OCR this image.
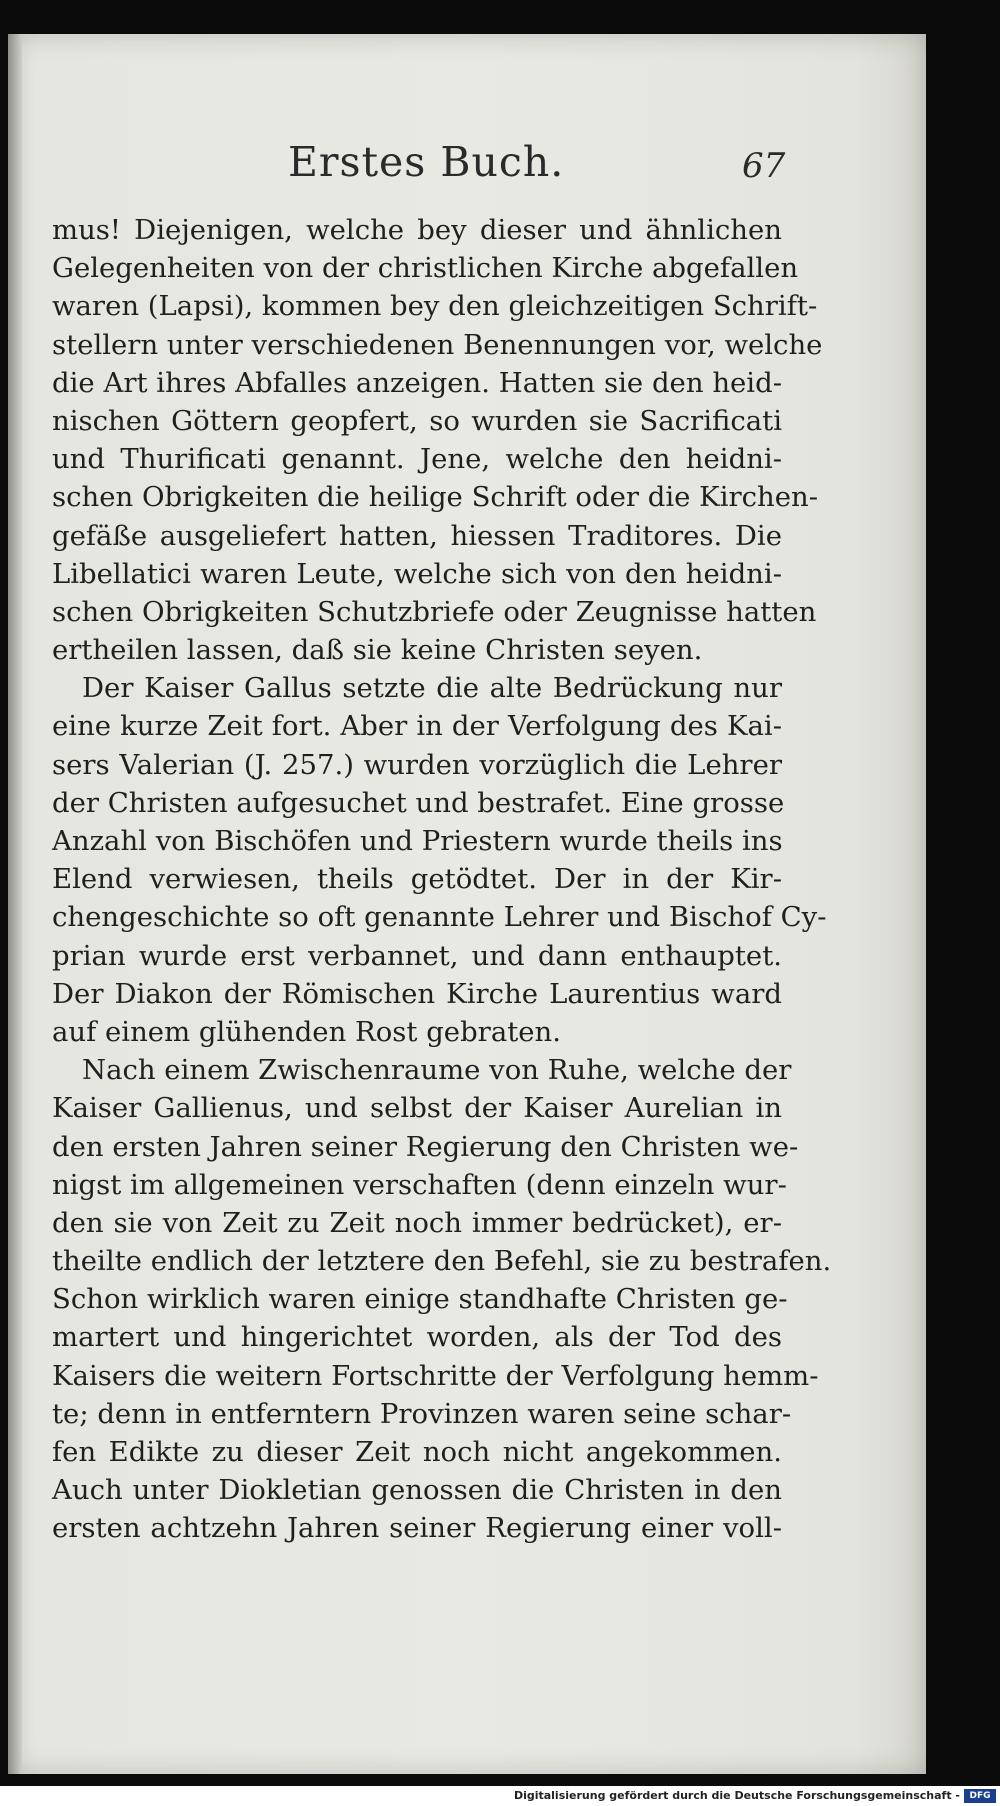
Erstes Buch.	67
mus! Diejenigen, welche bey dieser und ähnlichen
Gelegenheiten von der christlichen Kirche abgefallen
waren (Lapsi), kommen bey den gleichzeitigen Schrift-
stellern unter verschiedenen Benennungen vor, welche
die Art ihres Abfalles anzeigen. Hatten sie den heid-
nischen Göttern geopfert, so wurden sie Sacrificati
und Thurificati genannt. Jene, welche den heidni-
schen Obrigkeiten die heilige Schrift oder die Kirchen-
gefäße ausgeliefert hatten, hiessen Traditores. Die
Libellatici waren Leute, welche sich von den heidni-
schen Obrigkeiten Schutzbriefe oder Zeugnisse hatten
ertheilen lassen, daß sie keine Christen seyen.
Der Kaiser Gallus setzte die alte Bedrückung nur
eine kurze Zeit fort. Aber in der Verfolgung des Kai-
sers Valerian (J. 257.) wurden vorzüglich die Lehrer
der Christen aufgesuchet und bestrafet. Eine grosse
Anzahl von Bischöfen und Priestern wurde theils ins
Elend verwiesen, theils getödtet. Der in der Kir-
chengeschichte so oft genannte Lehrer und Bischof Cy-
prian wurde erst verbannet, und dann enthauptet.
Der Diakon der Römischen Kirche Laurentius ward
auf einem glühenden Rost gebraten.
Nach einem Zwischenraume von Ruhe, welche der
Kaiser Gallienus, und selbst der Kaiser Aurelian in
den ersten Jahren seiner Regierung den Christen we-
nigst im allgemeinen verschaften (denn einzeln wur-
den sie von Zeit zu Zeit noch immer bedrücket), er-
theilte endlich der letztere den Befehl, sie zu bestrafen.
Schon wirklich waren einige standhafte Christen ge-
martert und hingerichtet worden, als der Tod des
Kaisers die weitern Fortschritte der Verfolgung hemm-
te; denn in entferntern Provinzen waren seine schar-
fen Edikte zu dieser Zeit noch nicht angekommen.
Auch unter Diokletian genossen die Christen in den
ersten achtzehn Jahren seiner Regierung einer voll-
Digitalisierung gefördert durch die Deutsche Forschungsgemeinschaft -	DFG
